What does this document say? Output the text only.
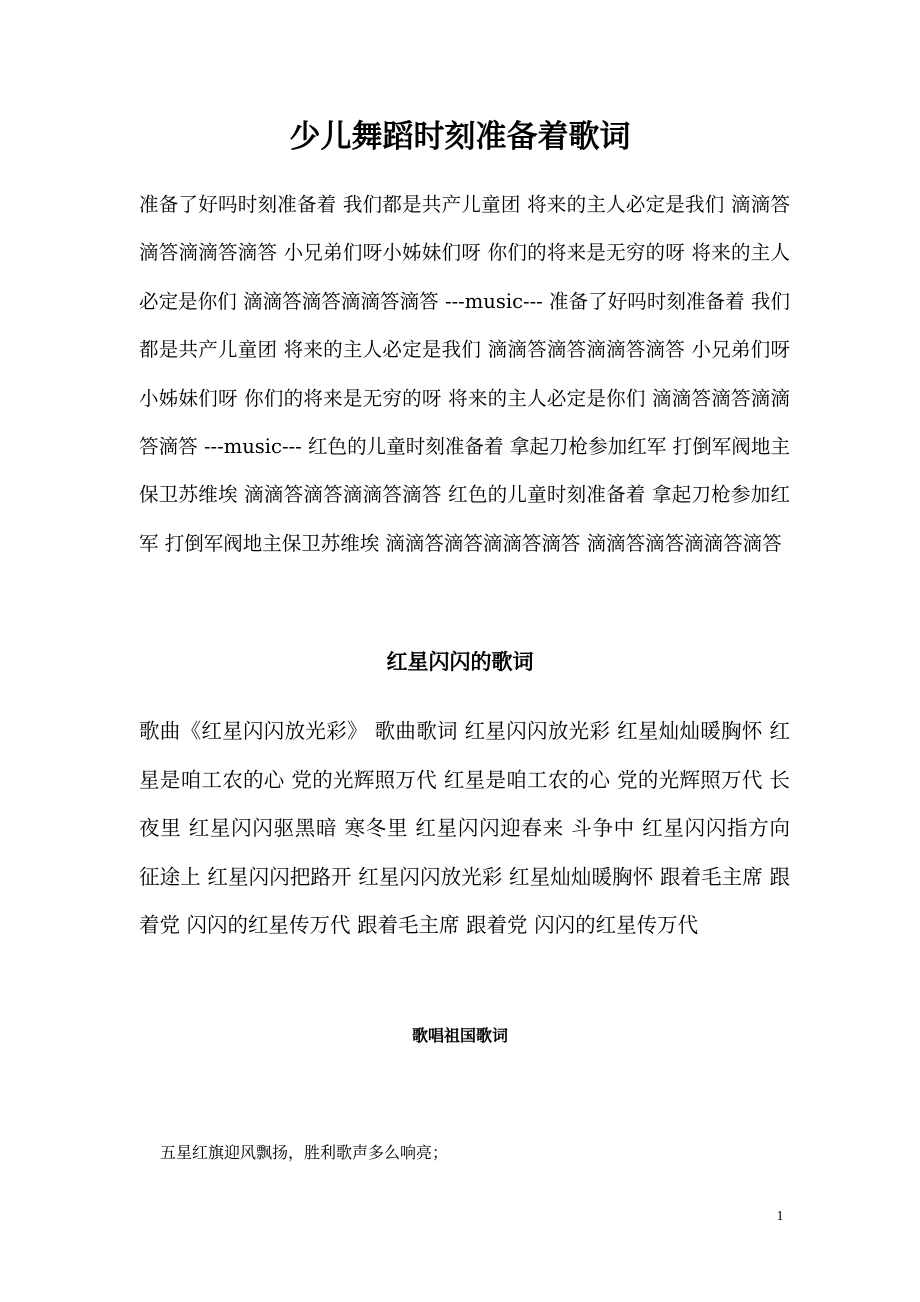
少儿舞蹈时刻准备着歌词
准备了好吗时刻准备着 我们都是共产儿童团 将来的主人必定是我们 滴滴答滴答滴滴答滴答 小兄弟们呀小姊妹们呀 你们的将来是无穷的呀 将来的主人必定是你们 滴滴答滴答滴滴答滴答 ---music--- 准备了好吗时刻准备着 我们都是共产儿童团 将来的主人必定是我们 滴滴答滴答滴滴答滴答 小兄弟们呀小姊妹们呀 你们的将来是无穷的呀 将来的主人必定是你们 滴滴答滴答滴滴答滴答 ---music--- 红色的儿童时刻准备着 拿起刀枪参加红军 打倒军阀地主保卫苏维埃 滴滴答滴答滴滴答滴答 红色的儿童时刻准备着 拿起刀枪参加红军 打倒军阀地主保卫苏维埃 滴滴答滴答滴滴答滴答 滴滴答滴答滴滴答滴答
红星闪闪的歌词
歌曲《红星闪闪放光彩》 歌曲歌词 红星闪闪放光彩 红星灿灿暖胸怀 红星是咱工农的心 党的光辉照万代 红星是咱工农的心 党的光辉照万代 长夜里 红星闪闪驱黑暗 寒冬里 红星闪闪迎春来 斗争中 红星闪闪指方向 征途上 红星闪闪把路开 红星闪闪放光彩 红星灿灿暖胸怀 跟着毛主席 跟着党 闪闪的红星传万代 跟着毛主席 跟着党 闪闪的红星传万代
歌唱祖国歌词
五星红旗迎风飘扬，胜利歌声多么响亮；
1
